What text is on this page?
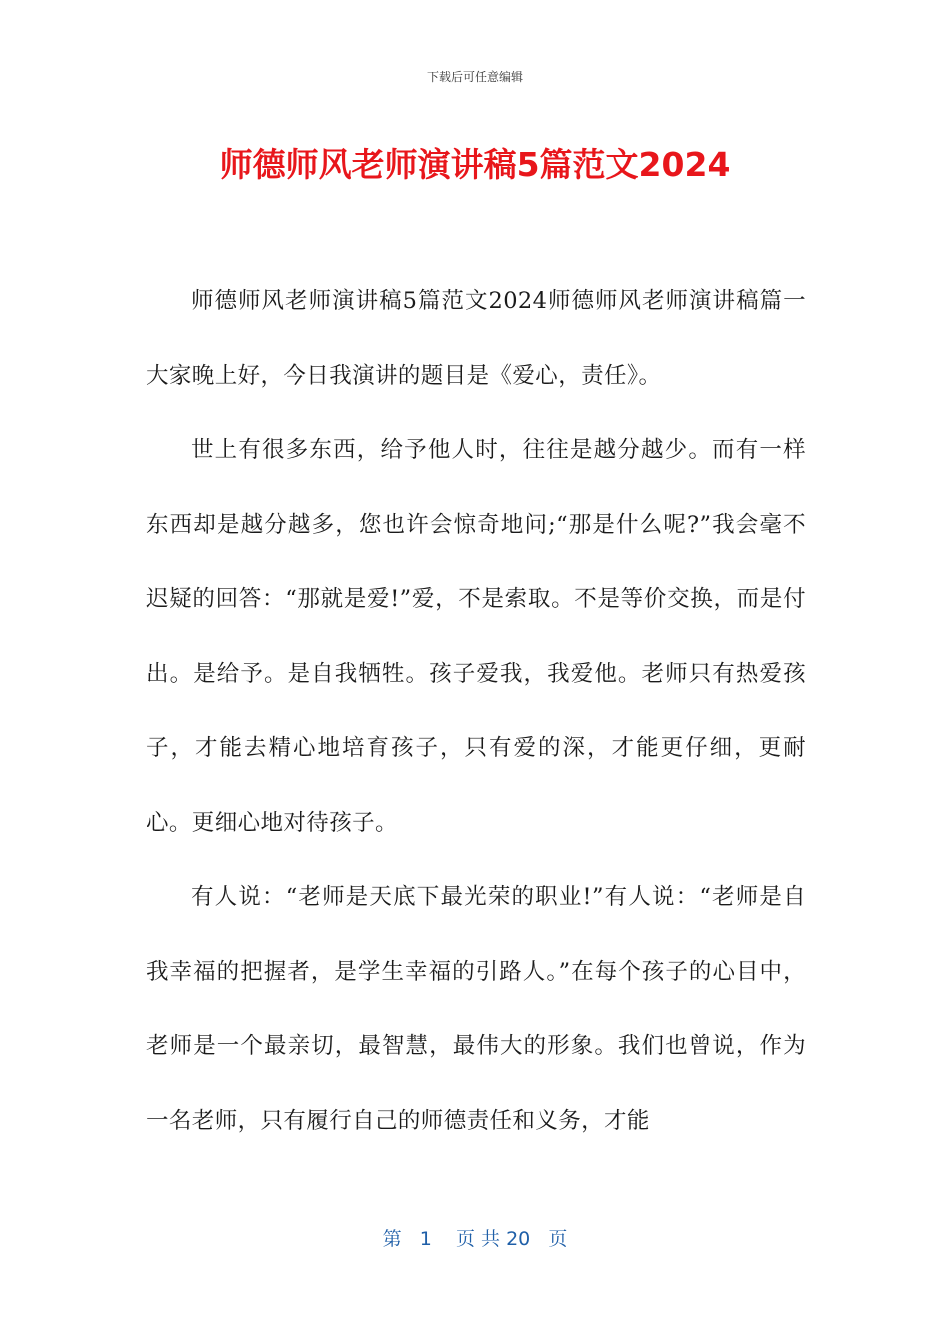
下载后可任意编辑
师德师风老师演讲稿5篇范文2024

师德师风老师演讲稿5篇范文2024师德师风老师演讲稿篇一大家晚上好，今日我演讲的题目是《爱心，责任》。

世上有很多东西，给予他人时，往往是越分越少。而有一样东西却是越分越多，您也许会惊奇地问;“那是什么呢?”我会毫不迟疑的回答：“那就是爱!”爱，不是索取。不是等价交换，而是付出。是给予。是自我牺牲。孩子爱我，我爱他。老师只有热爱孩子，才能去精心地培育孩子，只有爱的深，才能更仔细，更耐心。更细心地对待孩子。

有人说：“老师是天底下最光荣的职业!”有人说：“老师是自我幸福的把握者，是学生幸福的引路人。”在每个孩子的心目中，老师是一个最亲切，最智慧，最伟大的形象。我们也曾说，作为一名老师，只有履行自己的师德责任和义务，才能

第 1 页 共 20 页
